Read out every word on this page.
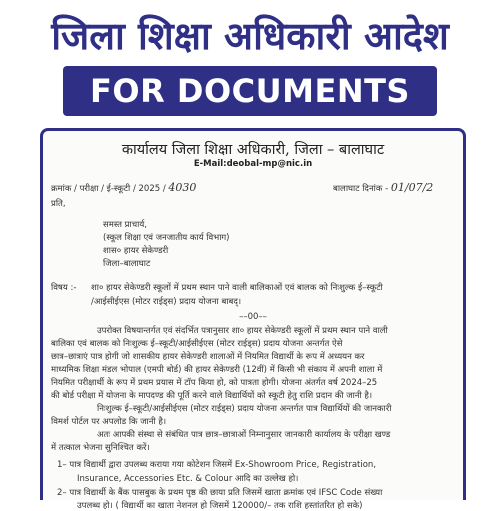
जिला शिक्षा अधिकारी आदेश
FOR DOCUMENTS
कार्यालय जिला शिक्षा अधिकारी, जिला – बालाघाट
E-Mail:deobal-mp@nic.in
क्रमांक / परीक्षा / ई-स्कूटी / 2025 / 4030	बालाघाट दिनांक - 01/07/2
प्रति,
समस्त प्राचार्य,
(स्कूल शिक्षा एवं जनजातीय कार्य विभाग)
शास० हायर सेकेण्डरी
जिला–बालाघाट
विषय :- शा० हायर सेकेण्डरी स्कूलों में प्रथम स्थान पाने वाली बालिकाओं एवं बालक को निःशुल्क ई–स्कूटी
/आईसीईएस (मोटर राईड्स) प्रदाय योजना बाबद्।
––00––
उपरोक्त विषयान्तर्गत एवं संदर्भित पत्रानुसार शा० हायर सेकेण्डरी स्कूलों में प्रथम स्थान पाने वाली
बालिका एवं बालक को निःशुल्क ई–स्कूटी/आईसीईएस (मोटर राईड्स) प्रदाय योजना अन्तर्गत ऐसे
छात्र–छात्राएं पात्र होगी जो शासकीय हायर सेकेण्डरी शालाओं में नियमित विद्यार्थी के रूप में अध्ययन कर
माध्यमिक शिक्षा मंडल भोपाल (एमपी बोर्ड) की हायर सेकेण्डरी (12वीं) में किसी भी संकाय में अपनी शाला में
नियमित परीक्षार्थी के रूप में प्रथम प्रयास में टॉप किया हो, को पात्रता होगी। योजना अंतर्गत वर्ष 2024–25
की बोर्ड परीक्षा में योजना के मापदण्ड की पूर्ति करने वाले विद्यार्थियों को स्कूटी हेतु राशि प्रदान की जानी है।
निःशुल्क ई–स्कूटी/आईसीईएस (मोटर राईड्स) प्रदाय योजना अन्तर्गत पात्र विद्यार्थियों की जानकारी
विमर्श पोर्टल पर अपलोड कि जानी है।
अतः आपकी संस्था से संबंधित पात्र छात्र–छात्राओं निम्नानुसार जानकारी कार्यालय के परीक्षा खण्ड
में तत्काल भेजना सुनिश्चित करें।
1– पात्र विद्यार्थी द्वारा उपलब्ध कराया गया कोटेशन जिसमें Ex-Showroom Price, Registration,
Insurance, Accessories Etc. & Colour आदि का उल्लेख हो।
2– पात्र विद्यार्थी के बैंक पासबुक के प्रथम पृष्ठ की छाया प्रति जिसमें खाता क्रमांक एवं IFSC Code संख्या
उपलब्ध हो। ( विद्यार्थी का खाता नेशनल हो जिसमें 120000/– तक राशि हस्तांतरित हो सके)
